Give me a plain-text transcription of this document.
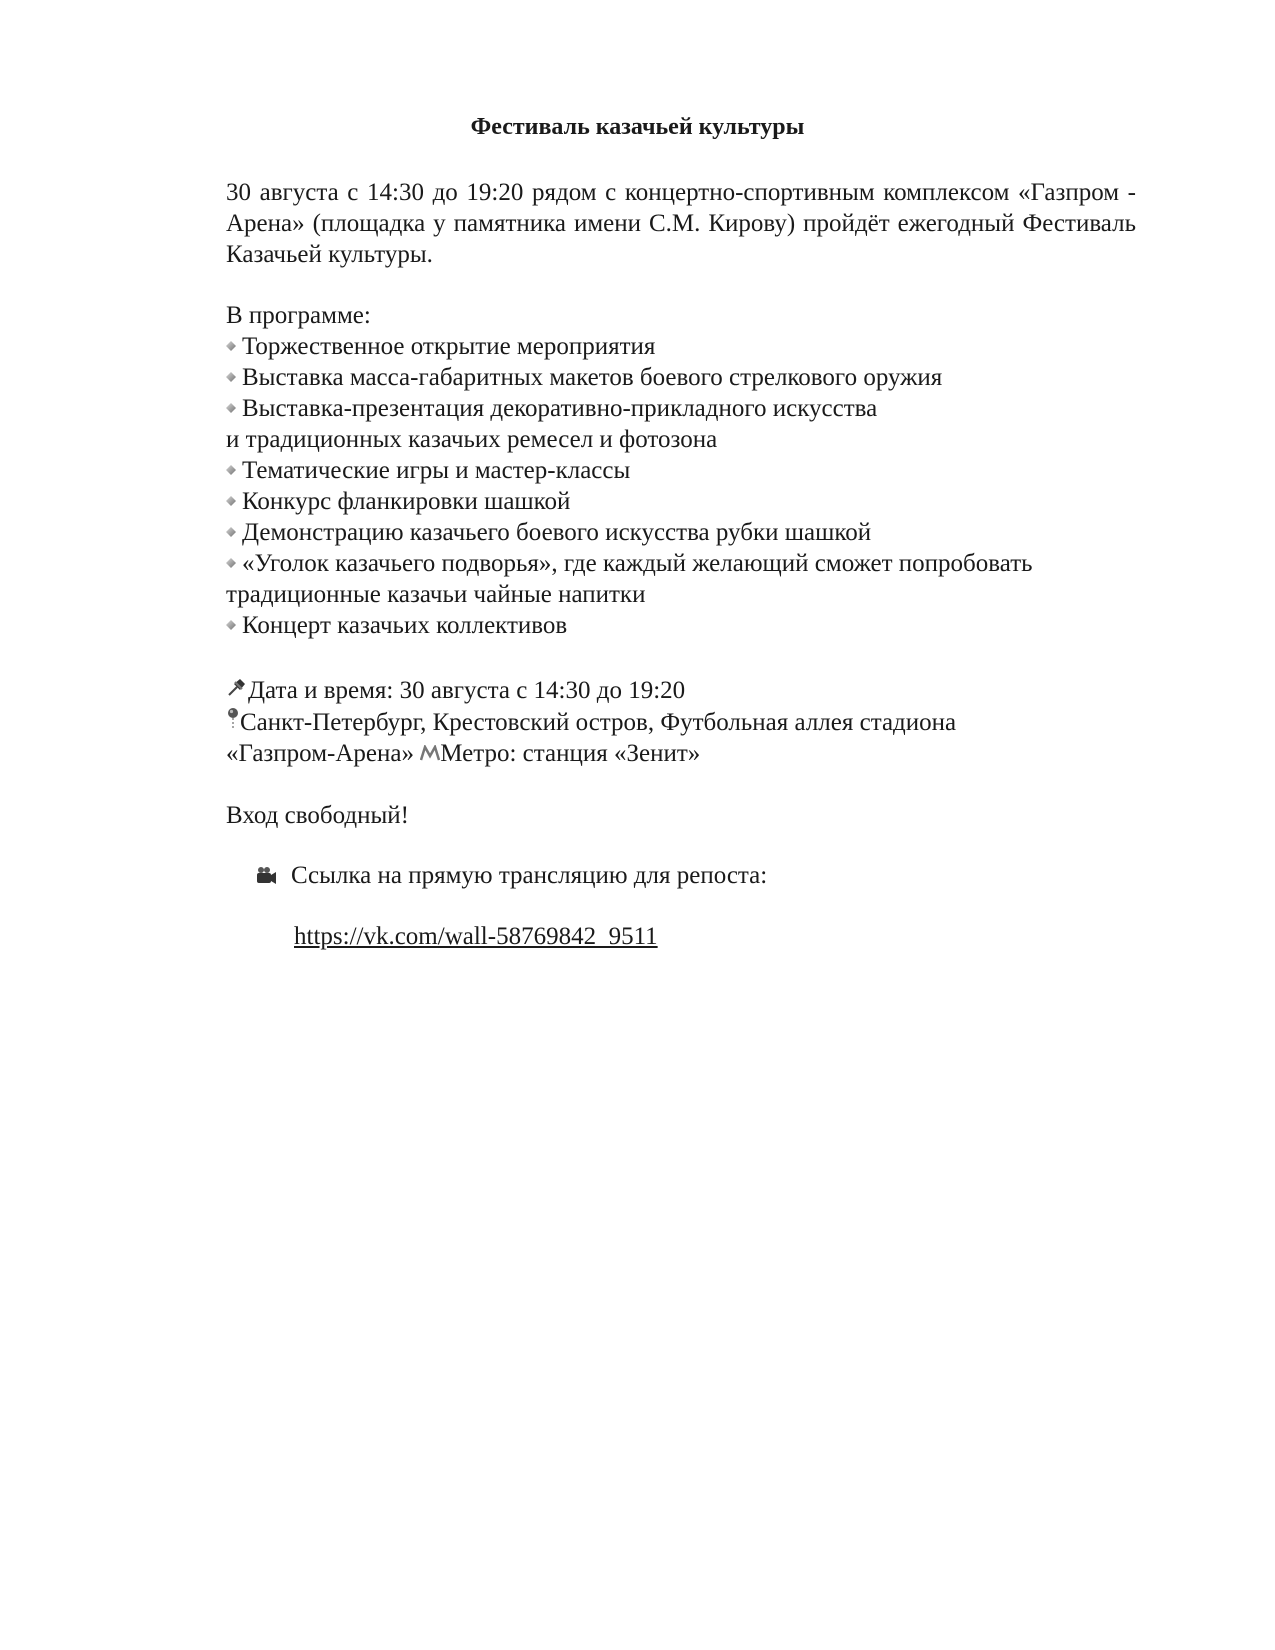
Фестиваль казачьей культуры

30 августа с 14:30 до 19:20 рядом с концертно-спортивным комплексом «Газпром - Арена» (площадка у памятника имени С.М. Кирову) пройдёт ежегодный Фестиваль Казачьей культуры.

В программе:
Торжественное открытие мероприятия
Выставка масса-габаритных макетов боевого стрелкового оружия
Выставка-презентация декоративно-прикладного искусства
и традиционных казачьих ремесел и фотозона
Тематические игры и мастер-классы
Конкурс фланкировки шашкой
Демонстрацию казачьего боевого искусства рубки шашкой
«Уголок казачьего подворья», где каждый желающий сможет попробовать
традиционные казачьи чайные напитки
Концерт казачьих коллективов
Дата и время: 30 августа с 14:30 до 19:20
Санкт-Петербург, Крестовский остров, Футбольная аллея стадиона
«Газпром-Арена» Метро: станция «Зенит»
Вход свободный!
Ссылка на прямую трансляцию для репоста:
https://vk.com/wall-58769842_9511
